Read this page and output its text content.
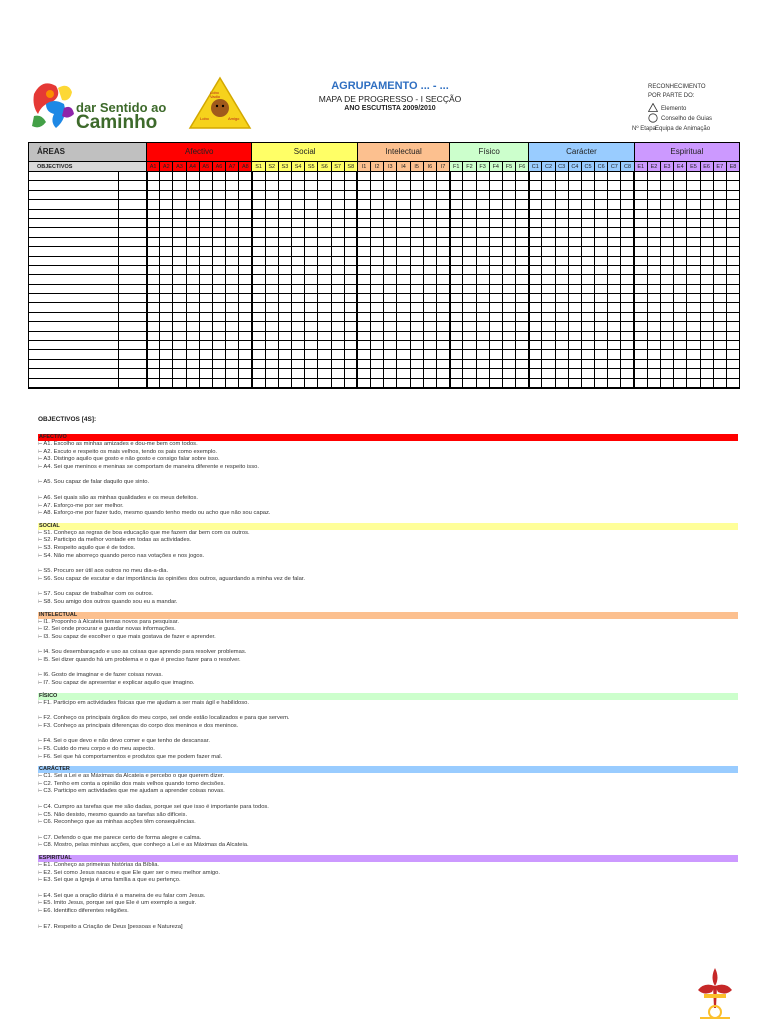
dar Sentido ao
Caminho
Lobo
Vadio
Lobo	Amigo
AGRUPAMENTO ... - ...
MAPA DE PROGRESSO - I SECÇÃO
ANO ESCUTISTA 2009/2010
RECONHECIMENTO
POR PARTE DO:
Elemento
Conselho de Guias
Nº Etapa Equipa de Animação
ÁREAS		Afectivo								Social								Intelectual							Físico						Carácter								Espiritual							
OBJECTIVOS		A1	A2	A3	A4	A5	A6	A7	A8	S1	S2	S3	S4	S5	S6	S7	S8	I1	I2	I3	I4	I5	I6	I7	F1	F2	F3	F4	F5	F6	C1	C2	C3	C4	C5	C6	C7	C8	E1	E2	E3	E4	E5	E6	E7	E8

OBJECTIVOS [4S]:
AFECTIVO
⊢ A1. Escolho as minhas amizades e dou-me bem com todos.
⊢ A2. Escuto e respeito os mais velhos, tendo os pais como exemplo.
⊢ A3. Distingo aquilo que gosto e não gosto e consigo falar sobre isso.
⊢ A4. Sei que meninos e meninas se comportam de maneira diferente e respeito isso.
⊢ A5. Sou capaz de falar daquilo que sinto.
⊢ A6. Sei quais são as minhas qualidades e os meus defeitos.
⊢ A7. Esforço-me por ser melhor.
⊢ A8. Esforço-me por fazer tudo, mesmo quando tenho medo ou acho que não sou capaz.
SOCIAL
⊢ S1. Conheço as regras de boa educação que me fazem dar bem com os outros.
⊢ S2. Participo da melhor vontade em todas as actividades.
⊢ S3. Respeito aquilo que é de todos.
⊢ S4. Não me aborreço quando perco nas votações e nos jogos.
⊢ S5. Procuro ser útil aos outros no meu dia-a-dia.
⊢ S6. Sou capaz de escutar e dar importância às opiniões dos outros, aguardando a minha vez de falar.
⊢ S7. Sou capaz de trabalhar com os outros.
⊢ S8. Sou amigo dos outros quando sou eu a mandar.
INTELECTUAL
⊢ I1. Proponho à Alcateia temas novos para pesquisar.
⊢ I2. Sei onde procurar e guardar novas informações.
⊢ I3. Sou capaz de escolher o que mais gostava de fazer e aprender.
⊢ I4. Sou desembaraçado e uso as coisas que aprendo para resolver problemas.
⊢ I5. Sei dizer quando há um problema e o que é preciso fazer para o resolver.
⊢ I6. Gosto de imaginar e de fazer coisas novas.
⊢ I7. Sou capaz de apresentar e explicar aquilo que imagino.
FÍSICO
⊢ F1. Participo em actividades físicas que me ajudam a ser mais ágil e habilidoso.
⊢ F2. Conheço os principais órgãos do meu corpo, sei onde estão localizados e para que servem.
⊢ F3. Conheço as principais diferenças do corpo dos meninos e dos meninos.
⊢ F4. Sei o que devo e não devo comer e que tenho de descansar.
⊢ F5. Cuido do meu corpo e do meu aspecto.
⊢ F6. Sei que há comportamentos e produtos que me podem fazer mal.
CARÁCTER
⊢ C1. Sei a Lei e as Máximas da Alcateia e percebo o que querem dizer.
⊢ C2. Tenho em conta a opinião dos mais velhos quando tomo decisões.
⊢ C3. Participo em actividades que me ajudam a aprender coisas novas.
⊢ C4. Cumpro as tarefas que me são dadas, porque sei que isso é importante para todos.
⊢ C5. Não desisto, mesmo quando as tarefas são difíceis.
⊢ C6. Reconheço que as minhas acções têm consequências.
⊢ C7. Defendo o que me parece certo de forma alegre e calma.
⊢ C8. Mostro, pelas minhas acções, que conheço a Lei e as Máximas da Alcateia.
ESPIRITUAL
⊢ E1. Conheço as primeiras histórias da Bíblia.
⊢ E2. Sei como Jesus nasceu e que Ele quer ser o meu melhor amigo.
⊢ E3. Sei que a Igreja é uma família a que eu pertenço.
⊢ E4. Sei que a oração diária é a maneira de eu falar com Jesus.
⊢ E5. Imito Jesus, porque sei que Ele é um exemplo a seguir.
⊢ E6. Identifico diferentes religiões.
⊢ E7. Respeito a Criação de Deus [pessoas e Natureza]
